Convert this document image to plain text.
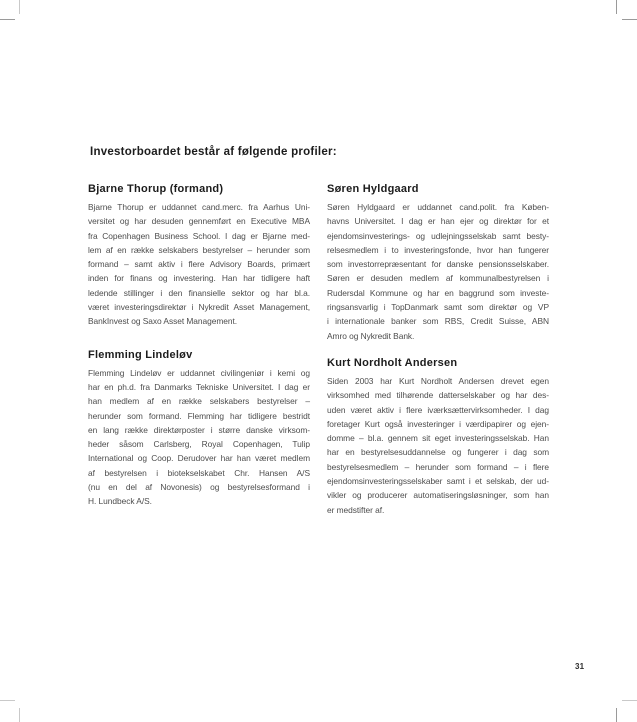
Investorboardet består af følgende profiler:
Bjarne Thorup (formand)
Bjarne Thorup er uddannet cand.merc. fra Aarhus Uni-
versitet og har desuden gennemført en Executive MBA
fra Copenhagen Business School. I dag er Bjarne med-
lem af en række selskabers bestyrelser – herunder som
formand – samt aktiv i flere Advisory Boards, primært
inden for finans og investering. Han har tidligere haft
ledende stillinger i den finansielle sektor og har bl.a.
været investeringsdirektør i Nykredit Asset Management,
BankInvest og Saxo Asset Management.
Flemming Lindeløv
Flemming Lindeløv er uddannet civilingeniør i kemi og
har en ph.d. fra Danmarks Tekniske Universitet. I dag er
han medlem af en række selskabers bestyrelser –
herunder som formand. Flemming har tidligere bestridt
en lang række direktørposter i større danske virksom-
heder såsom Carlsberg, Royal Copenhagen, Tulip
International og Coop. Derudover har han været medlem
af bestyrelsen i biotekselskabet Chr. Hansen A/S
(nu en del af Novonesis) og bestyrelsesformand i
H. Lundbeck A/S.
Søren Hyldgaard
Søren Hyldgaard er uddannet cand.polit. fra Køben-
havns Universitet. I dag er han ejer og direktør for et
ejendomsinvesterings- og udlejningsselskab samt besty-
relsesmedlem i to investeringsfonde, hvor han fungerer
som investorrepræsentant for danske pensionsselskaber.
Søren er desuden medlem af kommunalbestyrelsen i
Rudersdal Kommune og har en baggrund som investe-
ringsansvarlig i TopDanmark samt som direktør og VP
i internationale banker som RBS, Credit Suisse, ABN
Amro og Nykredit Bank.
Kurt Nordholt Andersen
Siden 2003 har Kurt Nordholt Andersen drevet egen
virksomhed med tilhørende datterselskaber og har des-
uden været aktiv i flere iværksættervirksomheder. I dag
foretager Kurt også investeringer i værdipapirer og ejen-
domme – bl.a. gennem sit eget investeringsselskab. Han
har en bestyrelsesuddannelse og fungerer i dag som
bestyrelsesmedlem – herunder som formand – i flere
ejendomsinvesteringsselskaber samt i et selskab, der ud-
vikler og producerer automatiseringsløsninger, som han
er medstifter af.
31
